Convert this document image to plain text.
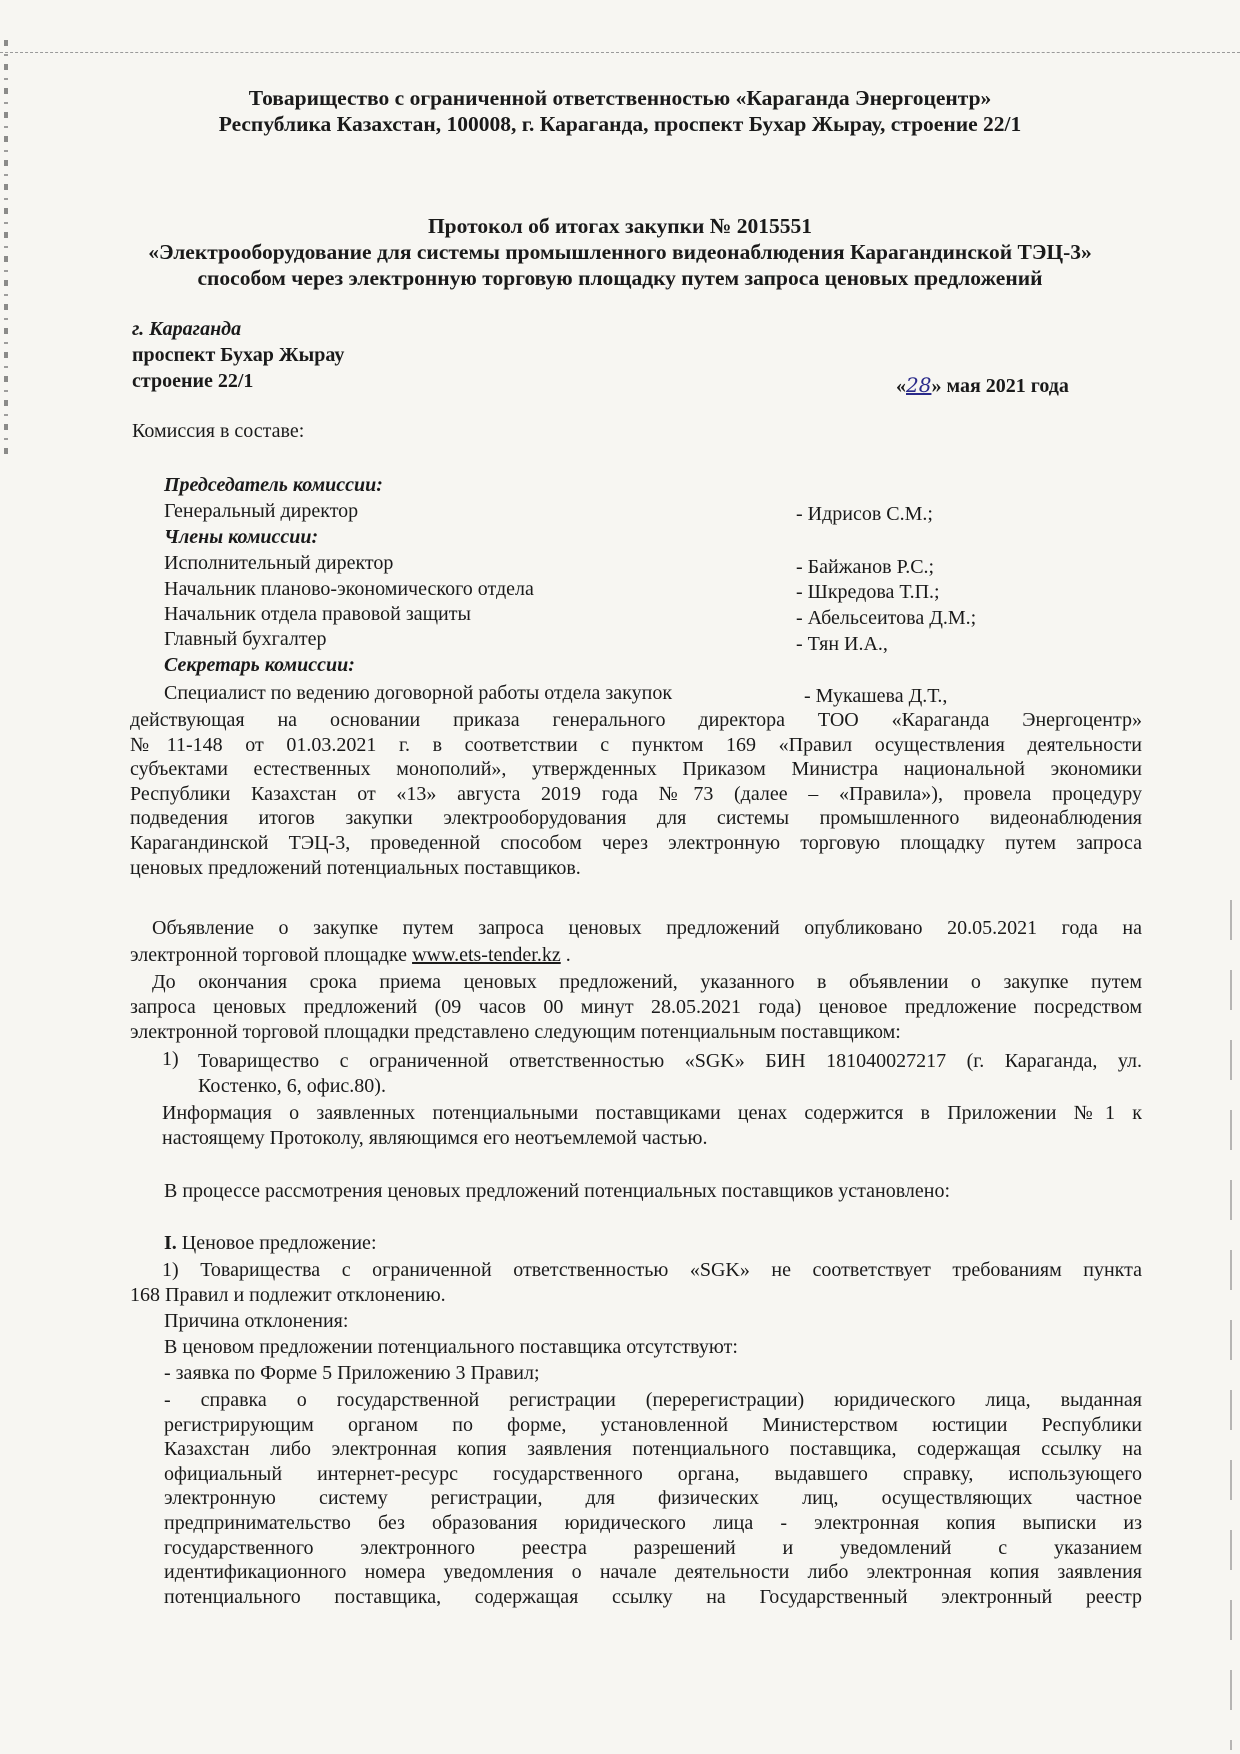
Товарищество с ограниченной ответственностью «Караганда Энергоцентр»
Республика Казахстан, 100008, г. Караганда, проспект Бухар Жырау, строение 22/1
Протокол об итогах закупки № 2015551
«Электрооборудование для системы промышленного видеонаблюдения Карагандинской ТЭЦ-3»
способом через электронную торговую площадку путем запроса ценовых предложений
г. Караганда
проспект Бухар Жырау
строение 22/1	«28» мая 2021 года
Комиссия в составе:
Председатель комиссии:
Генеральный директор	- Идрисов С.М.;
Члены комиссии:
Исполнительный директор	- Байжанов Р.С.;
Начальник планово-экономического отдела	- Шкредова Т.П.;
Начальник отдела правовой защиты	- Абельсеитова Д.М.;
Главный бухгалтер	- Тян И.А.,
Секретарь комиссии:
Специалист по ведению договорной работы отдела закупок	- Мукашева Д.Т.,

действующая на основании приказа генерального директора ТОО «Караганда Энергоцентр»

№11-148 от 01.03.2021 г. в соответствии с пунктом 169 «Правил осуществления деятельности

субъектами естественных монополий», утвержденных Приказом Министра национальной экономики

Республики Казахстан от «13» августа 2019 года №73 (далее – «Правила»), провела процедуру

подведения итогов закупки электрооборудования для системы промышленного видеонаблюдения

Карагандинской ТЭЦ-3, проведенной способом через электронную торговую площадку путем запроса

ценовых предложений потенциальных поставщиков.

Объявление о закупке путем запроса ценовых предложений опубликовано 20.05.2021 года на

электронной торговой площадке www.ets-tender.kz .

До окончания срока приема ценовых предложений, указанного в объявлении о закупке путем

запроса ценовых предложений (09 часов 00 минут 28.05.2021 года) ценовое предложение посредством

электронной торговой площадки представлено следующим потенциальным поставщиком:

1) Товарищество с ограниченной ответственностью «SGK» БИН 181040027217 (г. Караганда, ул.

Костенко, 6, офис.80).

Информация о заявленных потенциальными поставщиками ценах содержится в Приложении №1 к

настоящему Протоколу, являющимся его неотъемлемой частью.

В процессе рассмотрения ценовых предложений потенциальных поставщиков установлено:
I. Ценовое предложение:

1) Товарищества с ограниченной ответственностью «SGK» не соответствует требованиям пункта

168 Правил и подлежит отклонению.
Причина отклонения:
В ценовом предложении потенциального поставщика отсутствуют:
- заявка по Форме 5 Приложению 3 Правил;

- справка о государственной регистрации (перерегистрации) юридического лица, выданная

регистрирующим органом по форме, установленной Министерством юстиции Республики

Казахстан либо электронная копия заявления потенциального поставщика, содержащая ссылку на

официальный интернет-ресурс государственного органа, выдавшего справку, использующего

электронную систему регистрации, для физических лиц, осуществляющих частное

предпринимательство без образования юридического лица - электронная копия выписки из

государственного электронного реестра разрешений и уведомлений с указанием

идентификационного номера уведомления о начале деятельности либо электронная копия заявления

потенциального поставщика, содержащая ссылку на Государственный электронный реестр
